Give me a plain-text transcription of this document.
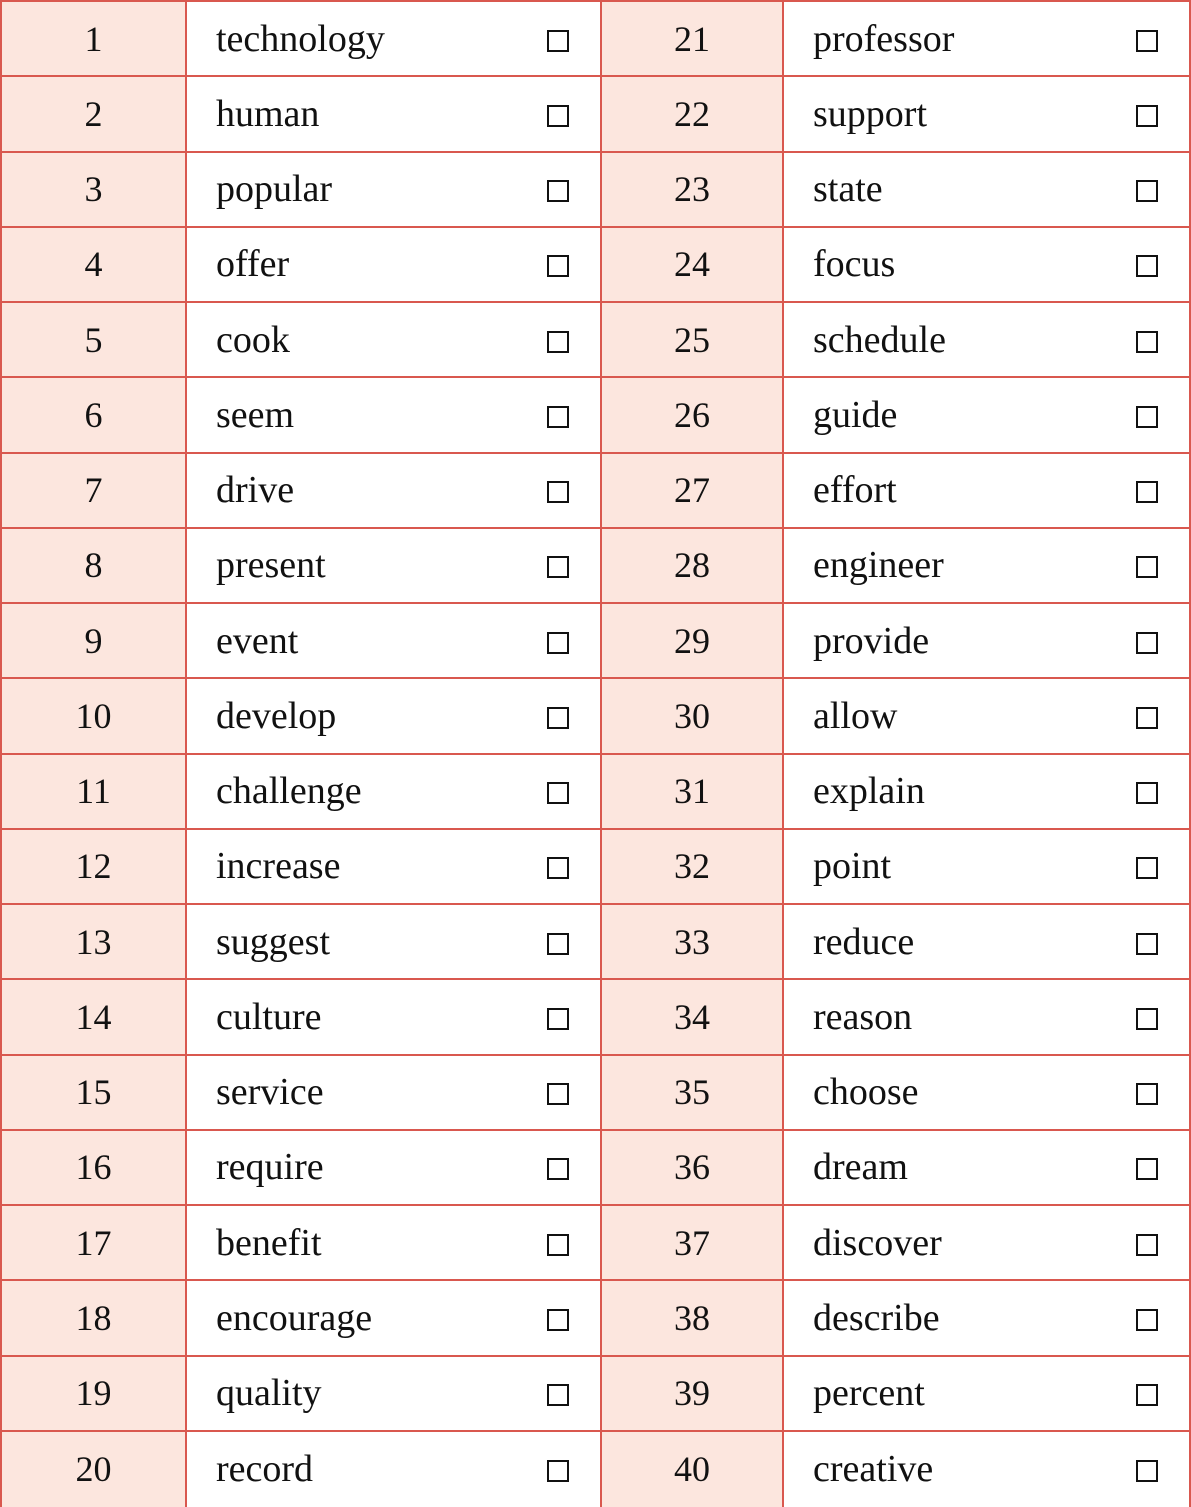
1	technology	21	professor
2	human	22	support
3	popular	23	state
4	offer	24	focus
5	cook	25	schedule
6	seem	26	guide
7	drive	27	effort
8	present	28	engineer
9	event	29	provide
10	develop	30	allow
11	challenge	31	explain
12	increase	32	point
13	suggest	33	reduce
14	culture	34	reason
15	service	35	choose
16	require	36	dream
17	benefit	37	discover
18	encourage	38	describe
19	quality	39	percent
20	record	40	creative
